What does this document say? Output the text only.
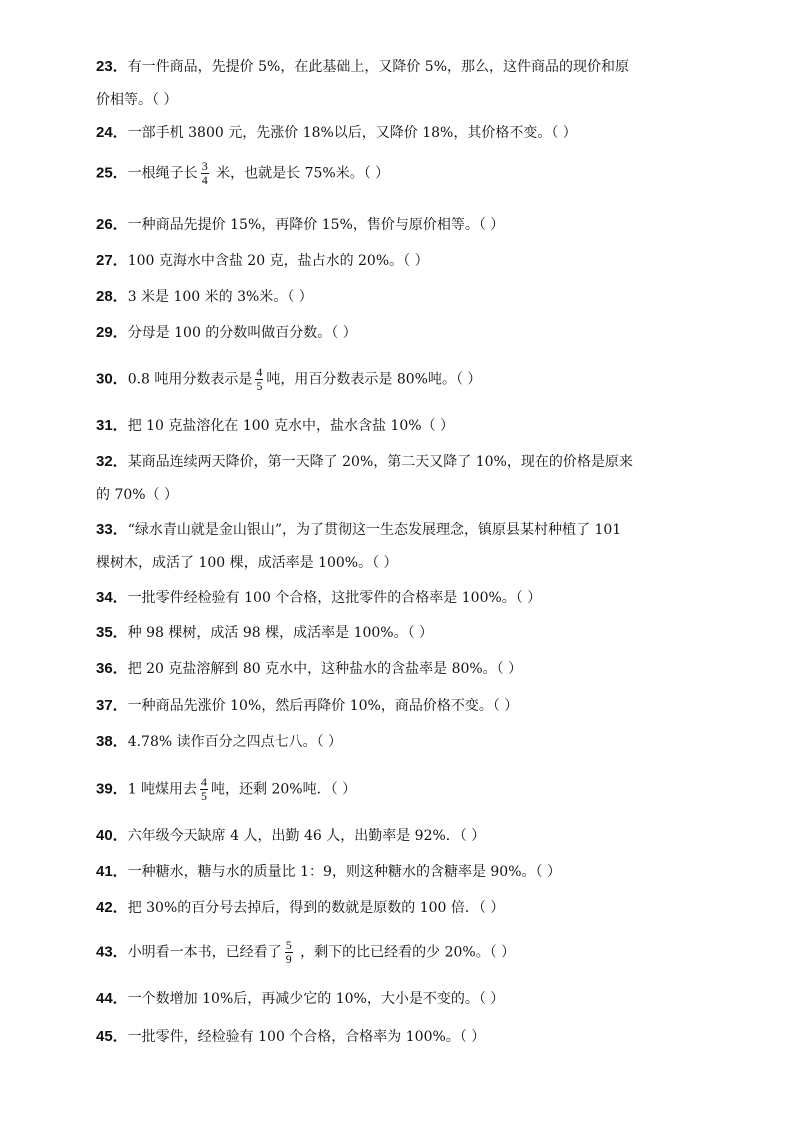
23．有一件商品，先提价 5%，在此基础上，又降价 5%，那么，这件商品的现价和原
价相等。（ ）
24．一部手机 3800 元，先涨价 18%以后，又降价 18%，其价格不变。（ ）
25．一根绳子长 $\frac{3}{4}$ 米，也就是长 75%米。（ ）
26．一种商品先提价 15%，再降价 15%，售价与原价相等。（ ）
27．100 克海水中含盐 20 克，盐占水的 20%。（ ）
28．3 米是 100 米的 3%米。（ ）
29．分母是 100 的分数叫做百分数。（ ）
30．0.8 吨用分数表示是 $\frac{4}{5}$ 吨，用百分数表示是 80%吨。（ ）
31．把 10 克盐溶化在 100 克水中，盐水含盐 10%（ ）
32．某商品连续两天降价，第一天降了 20%，第二天又降了 10%，现在的价格是原来
的 70%（ ）
33．“绿水青山就是金山银山”，为了贯彻这一生态发展理念，镇原县某村种植了 101
棵树木，成活了 100 棵，成活率是 100%。（ ）
34．一批零件经检验有 100 个合格，这批零件的合格率是 100%。（ ）
35．种 98 棵树，成活 98 棵，成活率是 100%。（ ）
36．把 20 克盐溶解到 80 克水中，这种盐水的含盐率是 80%。（ ）
37．一种商品先涨价 10%，然后再降价 10%，商品价格不变。（ ）
38．4.78% 读作百分之四点七八。（ ）
39．1 吨煤用去 $\frac{4}{5}$ 吨，还剩 20%吨．（ ）
40．六年级今天缺席 4 人，出勤 46 人，出勤率是 92%．（ ）
41．一种糖水，糖与水的质量比 1：9，则这种糖水的含糖率是 90%。（ ）
42．把 30%的百分号去掉后，得到的数就是原数的 100 倍．（ ）
43．小明看一本书，已经看了 $\frac{5}{9}$ ，剩下的比已经看的少 20%。（ ）
44．一个数增加 10%后，再减少它的 10%，大小是不变的。（ ）
45．一批零件，经检验有 100 个合格，合格率为 100%。（ ）
